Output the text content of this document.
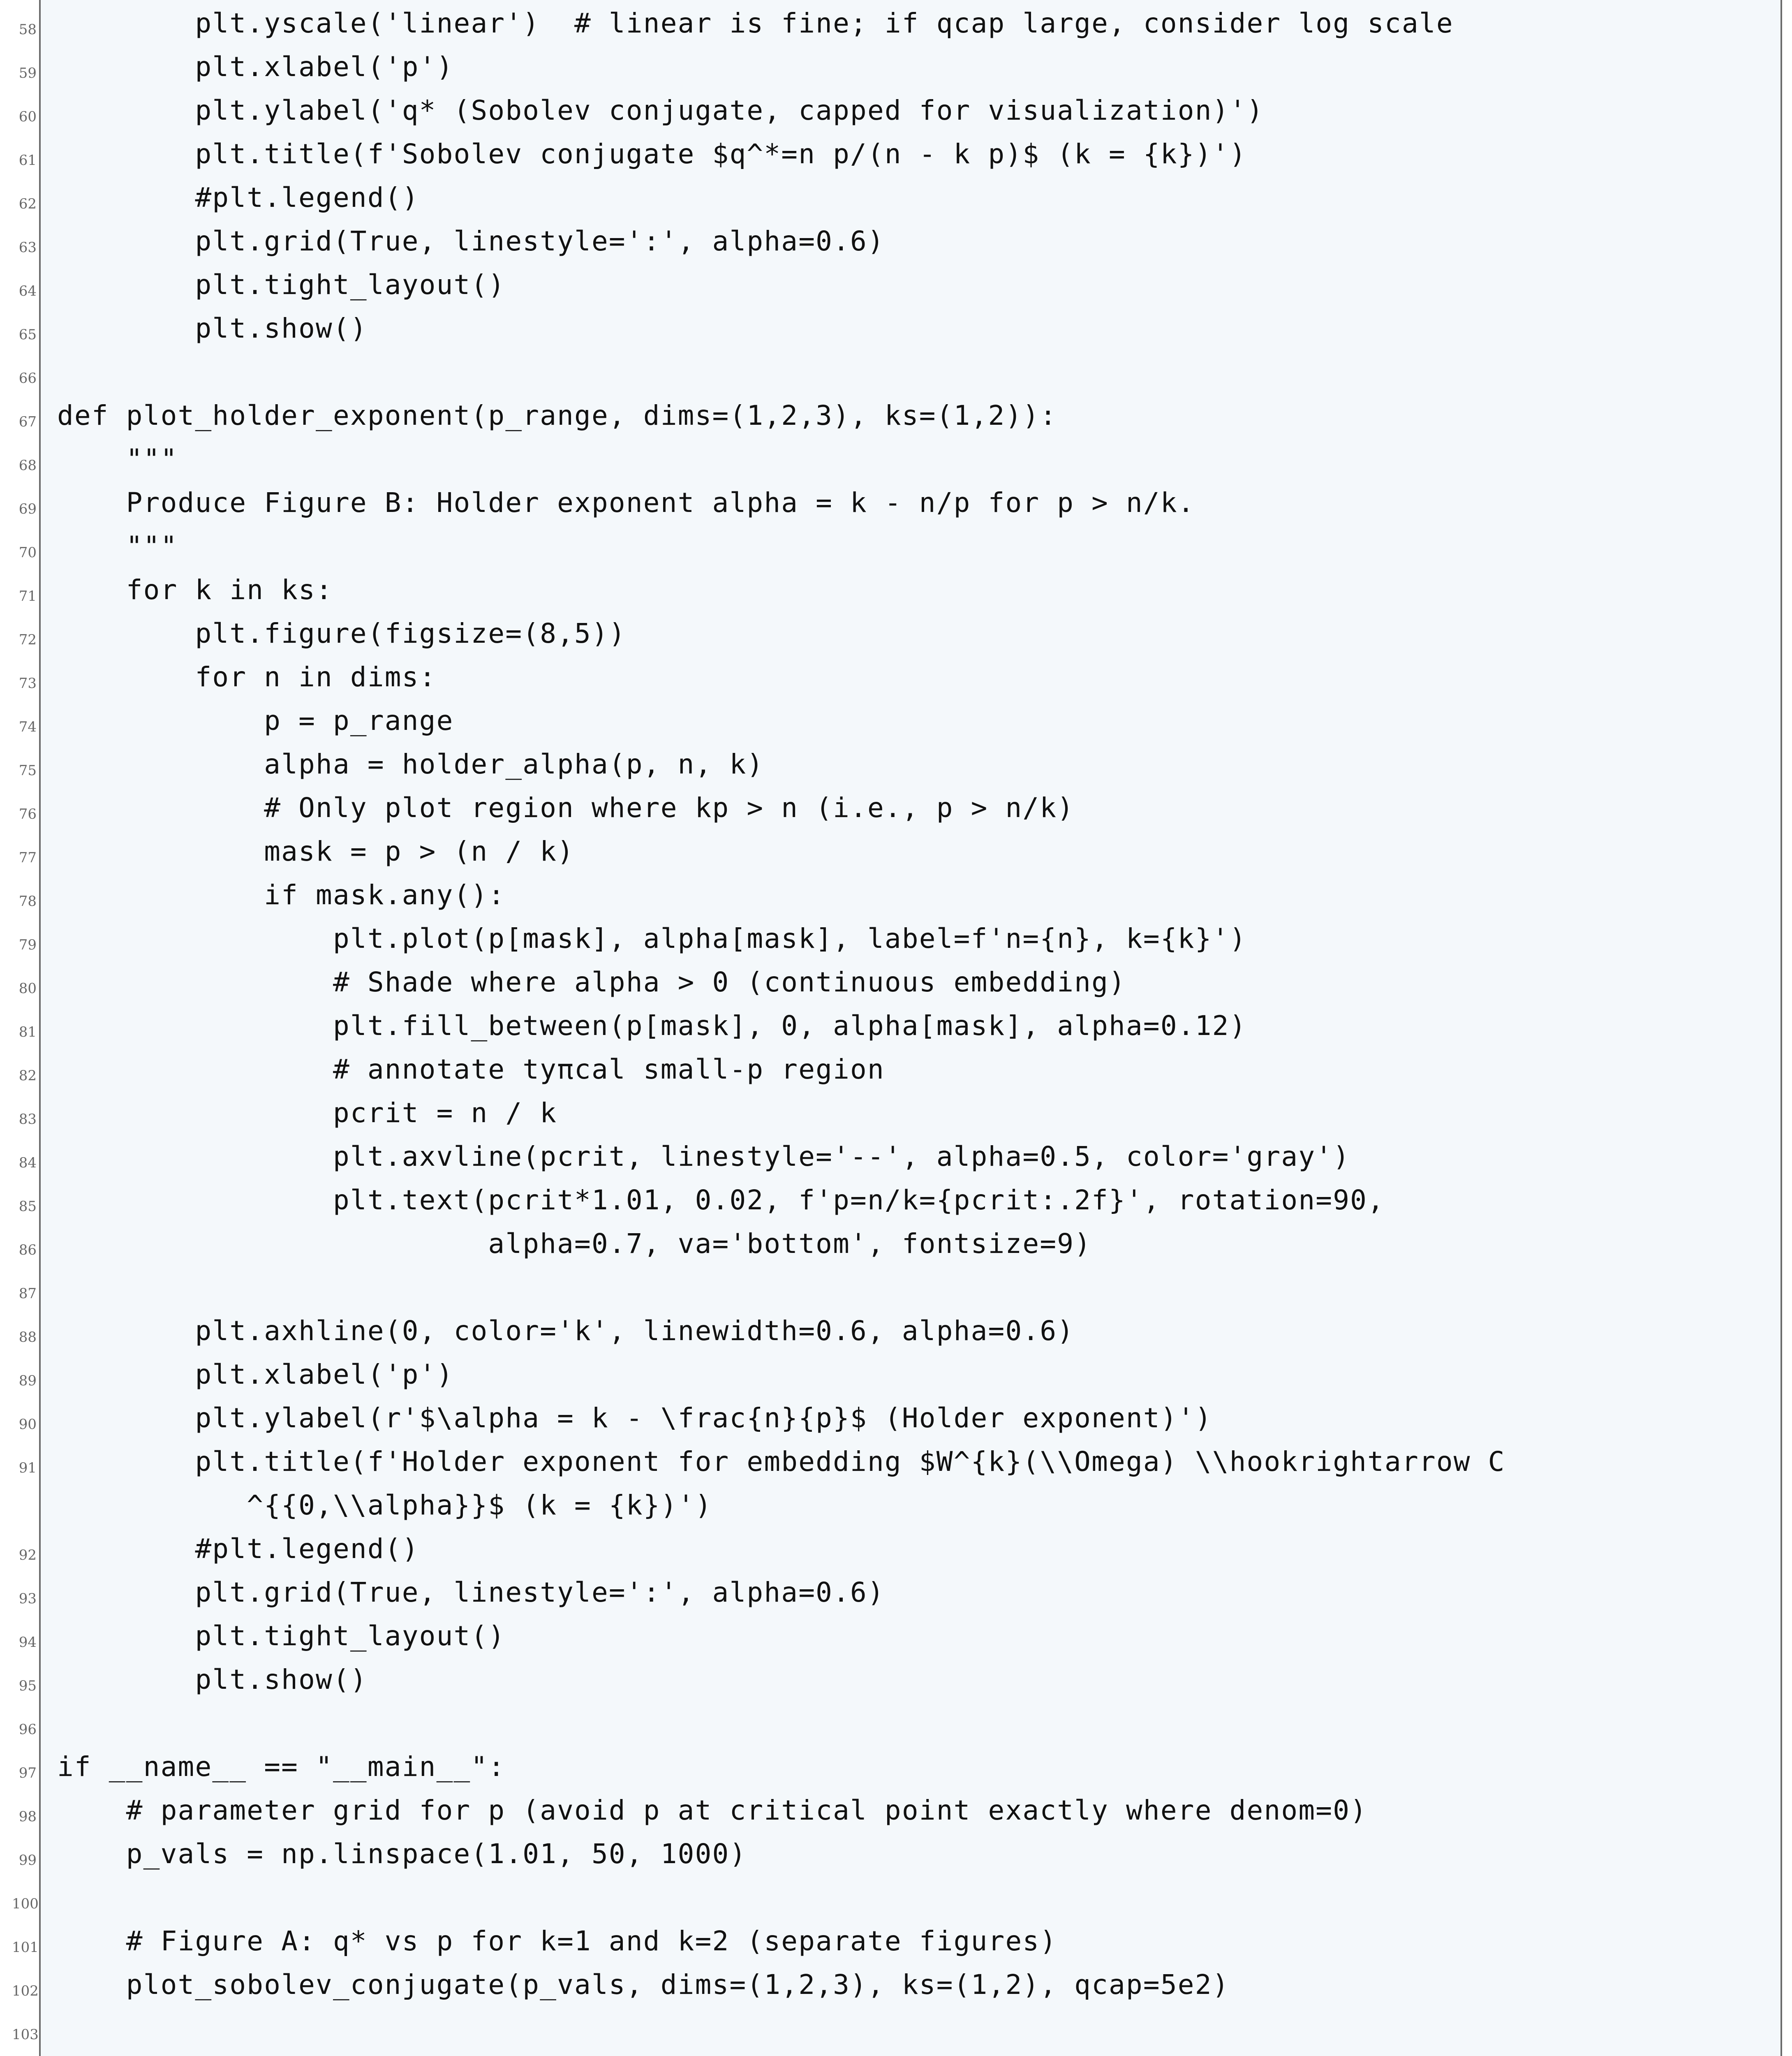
58 plt.yscale('linear')  # linear is fine; if qcap large, consider log scale
59 plt.xlabel('p')
60 plt.ylabel('q* (Sobolev conjugate, capped for visualization)')
61 plt.title(f'Sobolev conjugate $q^*=n p/(n - k p)$ (k = {k})')
62 #plt.legend()
63 plt.grid(True, linestyle=':', alpha=0.6)
64 plt.tight_layout()
65 plt.show()
66
67 def plot_holder_exponent(p_range, dims=(1,2,3), ks=(1,2)):
68 """
69 Produce Figure B: Holder exponent alpha = k - n/p for p > n/k.
70 """
71 for k in ks:
72 plt.figure(figsize=(8,5))
73 for n in dims:
74 p = p_range
75 alpha = holder_alpha(p, n, k)
76 # Only plot region where kp > n (i.e., p > n/k)
77 mask = p > (n / k)
78 if mask.any():
79 plt.plot(p[mask], alpha[mask], label=f'n={n}, k={k}')
80 # Shade where alpha > 0 (continuous embedding)
81 plt.fill_between(p[mask], 0, alpha[mask], alpha=0.12)
82 # annotate tyπcal small-p region
83 pcrit = n / k
84 plt.axvline(pcrit, linestyle='--', alpha=0.5, color='gray')
85 plt.text(pcrit*1.01, 0.02, f'p=n/k={pcrit:.2f}', rotation=90,
86 alpha=0.7, va='bottom', fontsize=9)
87
88 plt.axhline(0, color='k', linewidth=0.6, alpha=0.6)
89 plt.xlabel('p')
90 plt.ylabel(r'$\alpha = k - \frac{n}{p}$ (Holder exponent)')
91 plt.title(f'Holder exponent for embedding $W^{k}(\\Omega) \\hookrightarrow C
^{{0,\\alpha}}$ (k = {k})')
92 #plt.legend()
93 plt.grid(True, linestyle=':', alpha=0.6)
94 plt.tight_layout()
95 plt.show()
96
97 if __name__ == "__main__":
98 # parameter grid for p (avoid p at critical point exactly where denom=0)
99 p_vals = np.linspace(1.01, 50, 1000)
100
101 # Figure A: q* vs p for k=1 and k=2 (separate figures)
102 plot_sobolev_conjugate(p_vals, dims=(1,2,3), ks=(1,2), qcap=5e2)
103
